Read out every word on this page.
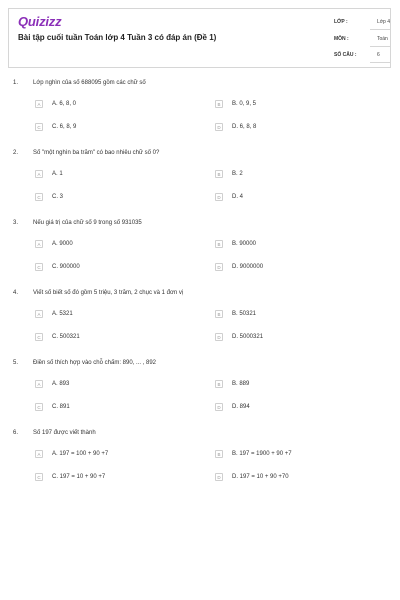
Quizizz
Bài tập cuối tuần Toán lớp 4 Tuần 3 có đáp án (Đề 1)
LỚP :	Lớp 4
MÔN :	Toán
SỐ CÂU :	6
1. Lớp nghìn của số 688095 gồm các chữ số
A	A. 6, 8, 0	B	B. 0, 9, 5
C	C. 6, 8, 9	D	D. 6, 8, 8
2. Số "một nghìn ba trăm" có bao nhiêu chữ số 0?
A	A. 1	B	B. 2
C	C. 3	D	D. 4
3. Nếu giá trị của chữ số 9 trong số 931035
A	A. 9000	B	B. 90000
C	C. 900000	D	D. 9000000
4. Viết số biết số đó gồm 5 triệu, 3 trăm, 2 chục và 1 đơn vị
A	A. 5321	B	B. 50321
C	C. 500321	D	D. 5000321
5. Điền số thích hợp vào chỗ chấm: 890, ... , 892
A	A. 893	B	B. 889
C	C. 891	D	D. 894
6. Số 197 được viết thành
A	A. 197 = 100 + 90 +7	B	B. 197 = 1900 + 90 +7
C	C. 197 = 10 + 90 +7	D	D. 197 = 10 + 90 +70
